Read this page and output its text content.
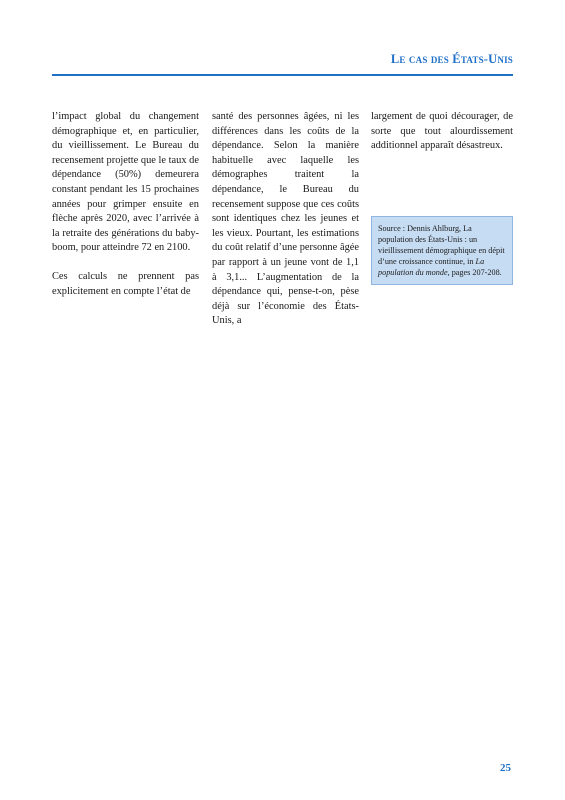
Le cas des États-Unis

l’impact global du changement démographique et, en particulier, du vieillissement. Le Bureau du recensement projette que le taux de dépendance (50%) demeurera constant pendant les 15 prochaines années pour grimper ensuite en flèche après 2020, avec l’arrivée à la retraite des générations du baby-boom, pour atteindre 72 en 2100.

Ces calculs ne prennent pas explicitement en compte l’état de

santé des personnes âgées, ni les différences dans les coûts de la dépendance. Selon la manière habituelle avec laquelle les démographes traitent la dépendance, le Bureau du recensement suppose que ces coûts sont identiques chez les jeunes et les vieux. Pourtant, les estimations du coût relatif d’une personne âgée par rapport à un jeune vont de 1,1 à 3,1... L’augmentation de la dépendance qui, pense-t-on, pèse déjà sur l’économie des États-Unis, a

largement de quoi décourager, de sorte que tout alourdissement additionnel apparaît désastreux.

Source : Dennis Ahlburg, La population des États-Unis : un vieillissement démographique en dépit d’une croissance continue, in La population du monde, pages 207-208.
25
